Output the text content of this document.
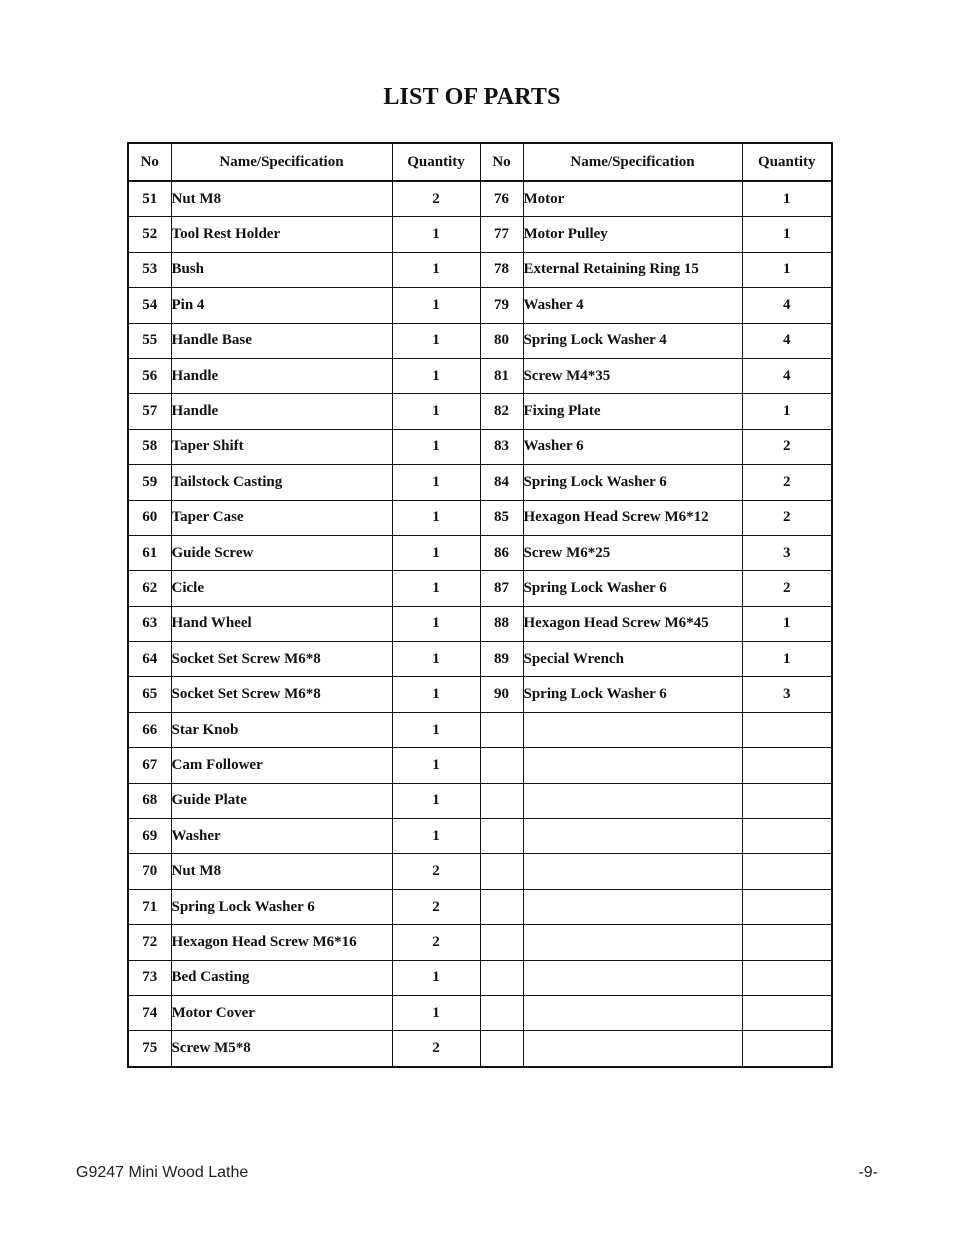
LIST OF PARTS
No	Name/Specification	Quantity	No	Name/Specification	Quantity
51	Nut M8	2	76	Motor	1
52	Tool Rest Holder	1	77	Motor Pulley	1
53	Bush	1	78	External Retaining Ring 15	1
54	Pin 4	1	79	Washer 4	4
55	Handle Base	1	80	Spring Lock Washer 4	4
56	Handle	1	81	Screw M4*35	4
57	Handle	1	82	Fixing Plate	1
58	Taper Shift	1	83	Washer 6	2
59	Tailstock Casting	1	84	Spring Lock Washer 6	2
60	Taper Case	1	85	Hexagon Head Screw M6*12	2
61	Guide Screw	1	86	Screw M6*25	3
62	Cicle	1	87	Spring Lock Washer 6	2
63	Hand Wheel	1	88	Hexagon Head Screw M6*45	1
64	Socket Set Screw M6*8	1	89	Special Wrench	1
65	Socket Set Screw M6*8	1	90	Spring Lock Washer 6	3
66	Star Knob	1			
67	Cam Follower	1			
68	Guide Plate	1			
69	Washer	1			
70	Nut M8	2			
71	Spring Lock Washer 6	2			
72	Hexagon Head Screw M6*16	2			
73	Bed Casting	1			
74	Motor Cover	1			
75	Screw M5*8	2			
G9247 Mini Wood Lathe	-9-
